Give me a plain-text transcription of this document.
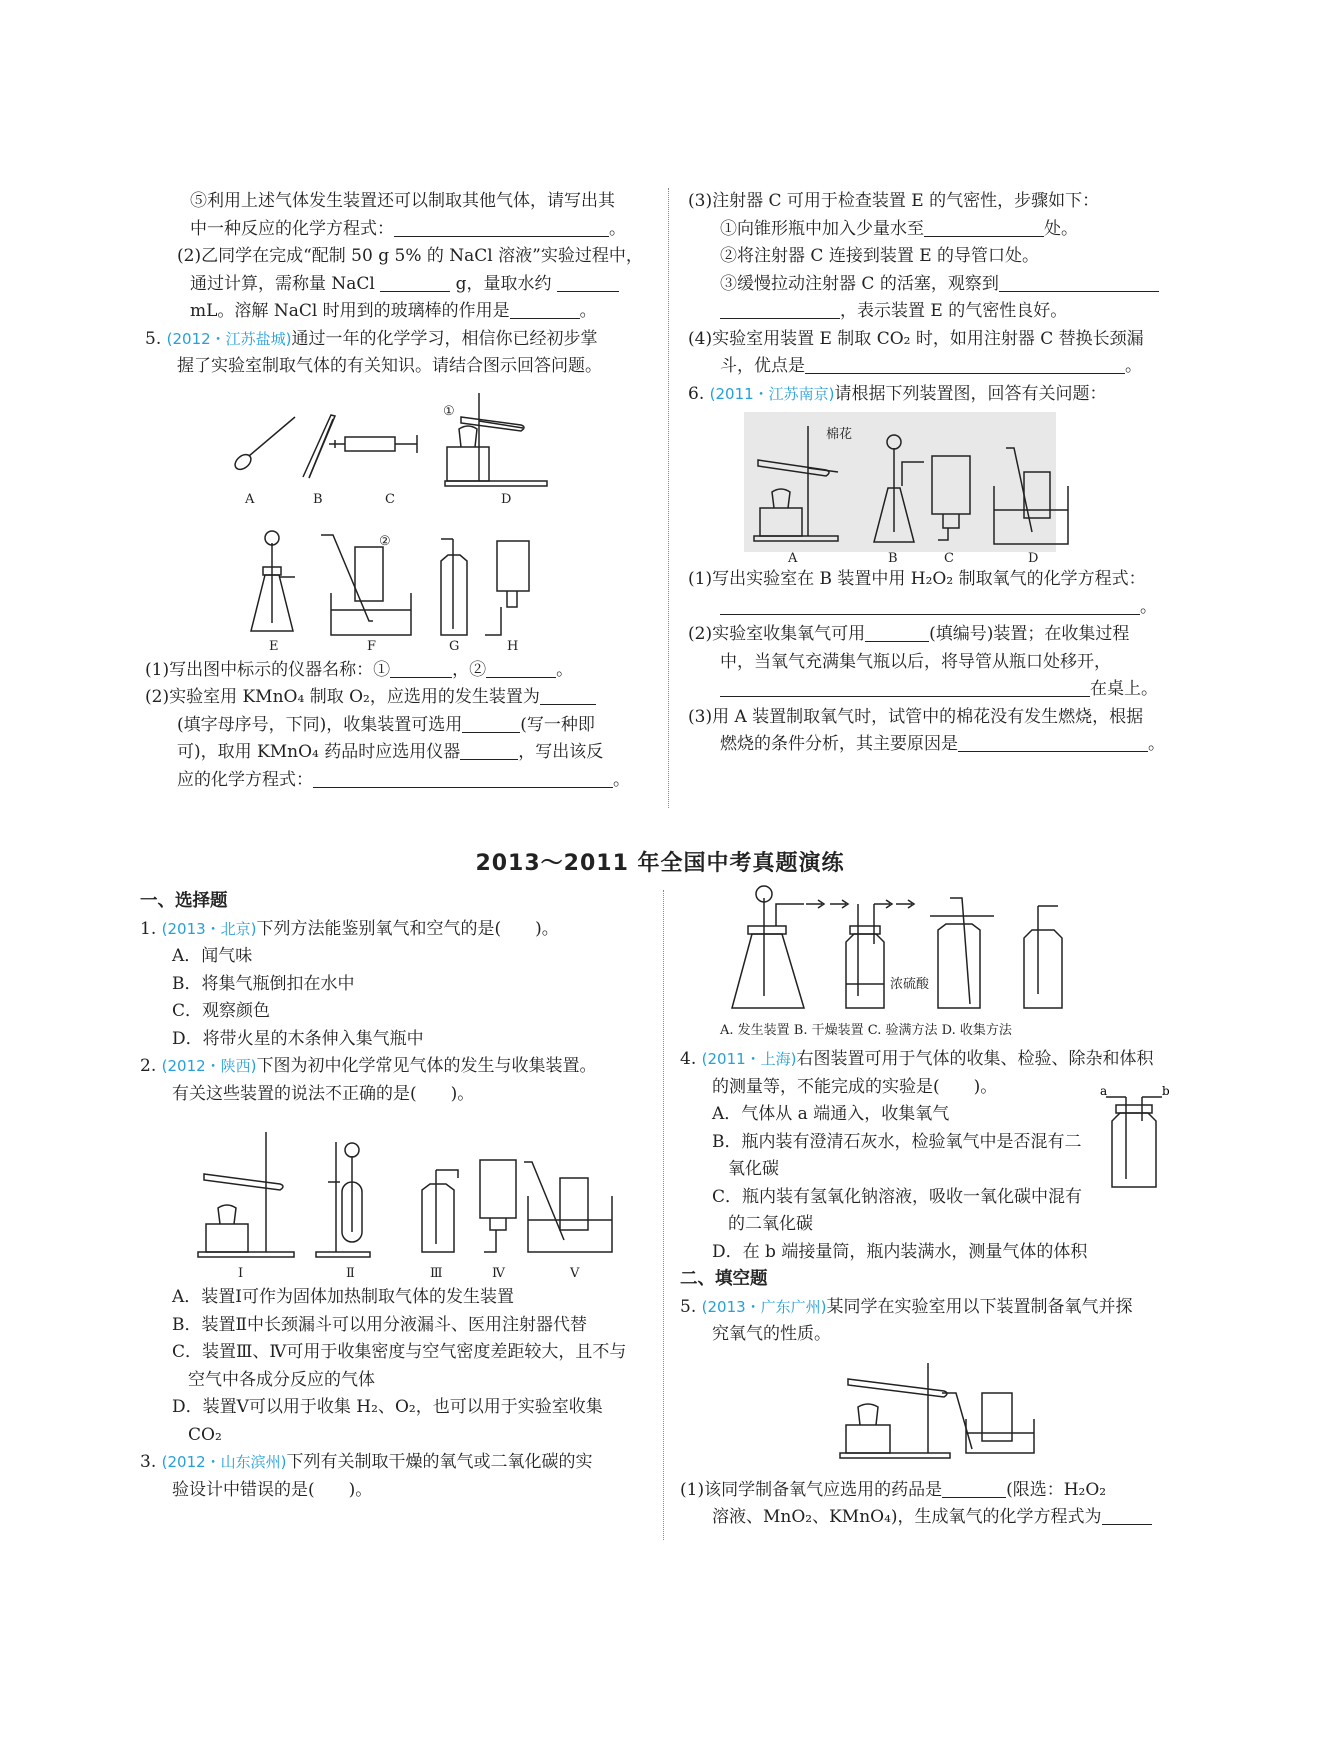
⑤利用上述气体发生装置还可以制取其他气体，请写出其
中一种反应的化学方程式：	。
(2)乙同学在完成“配制 50 g 5% 的 NaCl 溶液”实验过程中，
通过计算，需称量 NaCl	g，量取水约
mL。溶解 NaCl 时用到的玻璃棒的作用是	。
5. (2012・江苏盐城)通过一年的化学学习，相信你已经初步掌
握了实验室制取气体的有关知识。请结合图示回答问题。
A	B	C	D
E	F	G	H
①
②
(1)写出图中标示的仪器名称：①	，②	。
(2)实验室用 KMnO₄ 制取 O₂，应选用的发生装置为
(填字母序号，下同)，收集装置可选用	(写一种即
可)，取用 KMnO₄ 药品时应选用仪器	，写出该反
应的化学方程式：	。
(3)注射器 C 可用于检查装置 E 的气密性，步骤如下：
①向锥形瓶中加入少量水至	处。
②将注射器 C 连接到装置 E 的导管口处。
③缓慢拉动注射器 C 的活塞，观察到
，表示装置 E 的气密性良好。
(4)实验室用装置 E 制取 CO₂ 时，如用注射器 C 替换长颈漏
斗，优点是	。
6. (2011・江苏南京)请根据下列装置图，回答有关问题：
棉花
A	B	C	D
(1)写出实验室在 B 装置中用 H₂O₂ 制取氧气的化学方程式：
。
(2)实验室收集氧气可用	(填编号)装置；在收集过程
中，当氧气充满集气瓶以后，将导管从瓶口处移开，
在桌上。
(3)用 A 装置制取氧气时，试管中的棉花没有发生燃烧，根据
燃烧的条件分析，其主要原因是	。
2013～2011 年全国中考真题演练
一、选择题
1. (2013・北京)下列方法能鉴别氧气和空气的是(　　)。
A．闻气味
B．将集气瓶倒扣在水中
C．观察颜色
D．将带火星的木条伸入集气瓶中
2. (2012・陕西)下图为初中化学常见气体的发生与收集装置。
有关这些装置的说法不正确的是(　　)。
Ⅰ	Ⅱ	Ⅲ	Ⅳ	Ⅴ
A．装置Ⅰ可作为固体加热制取气体的发生装置
B．装置Ⅱ中长颈漏斗可以用分液漏斗、医用注射器代替
C．装置Ⅲ、Ⅳ可用于收集密度与空气密度差距较大，且不与
空气中各成分反应的气体
D．装置Ⅴ可以用于收集 H₂、O₂，也可以用于实验室收集
CO₂
3. (2012・山东滨州)下列有关制取干燥的氧气或二氧化碳的实
验设计中错误的是(　　)。
浓硫酸
A. 发生装置 B. 干燥装置 C. 验满方法 D. 收集方法
4. (2011・上海)右图装置可用于气体的收集、检验、除杂和体积
的测量等，不能完成的实验是(　　)。
A．气体从 a 端通入，收集氧气
B．瓶内装有澄清石灰水，检验氧气中是否混有二
氧化碳
C．瓶内装有氢氧化钠溶液，吸收一氧化碳中混有
的二氧化碳
D．在 b 端接量筒，瓶内装满水，测量气体的体积
a	b
二、填空题
5. (2013・广东广州)某同学在实验室用以下装置制备氧气并探
究氧气的性质。
(1)该同学制备氧气应选用的药品是	(限选：H₂O₂
溶液、MnO₂、KMnO₄)，生成氧气的化学方程式为
